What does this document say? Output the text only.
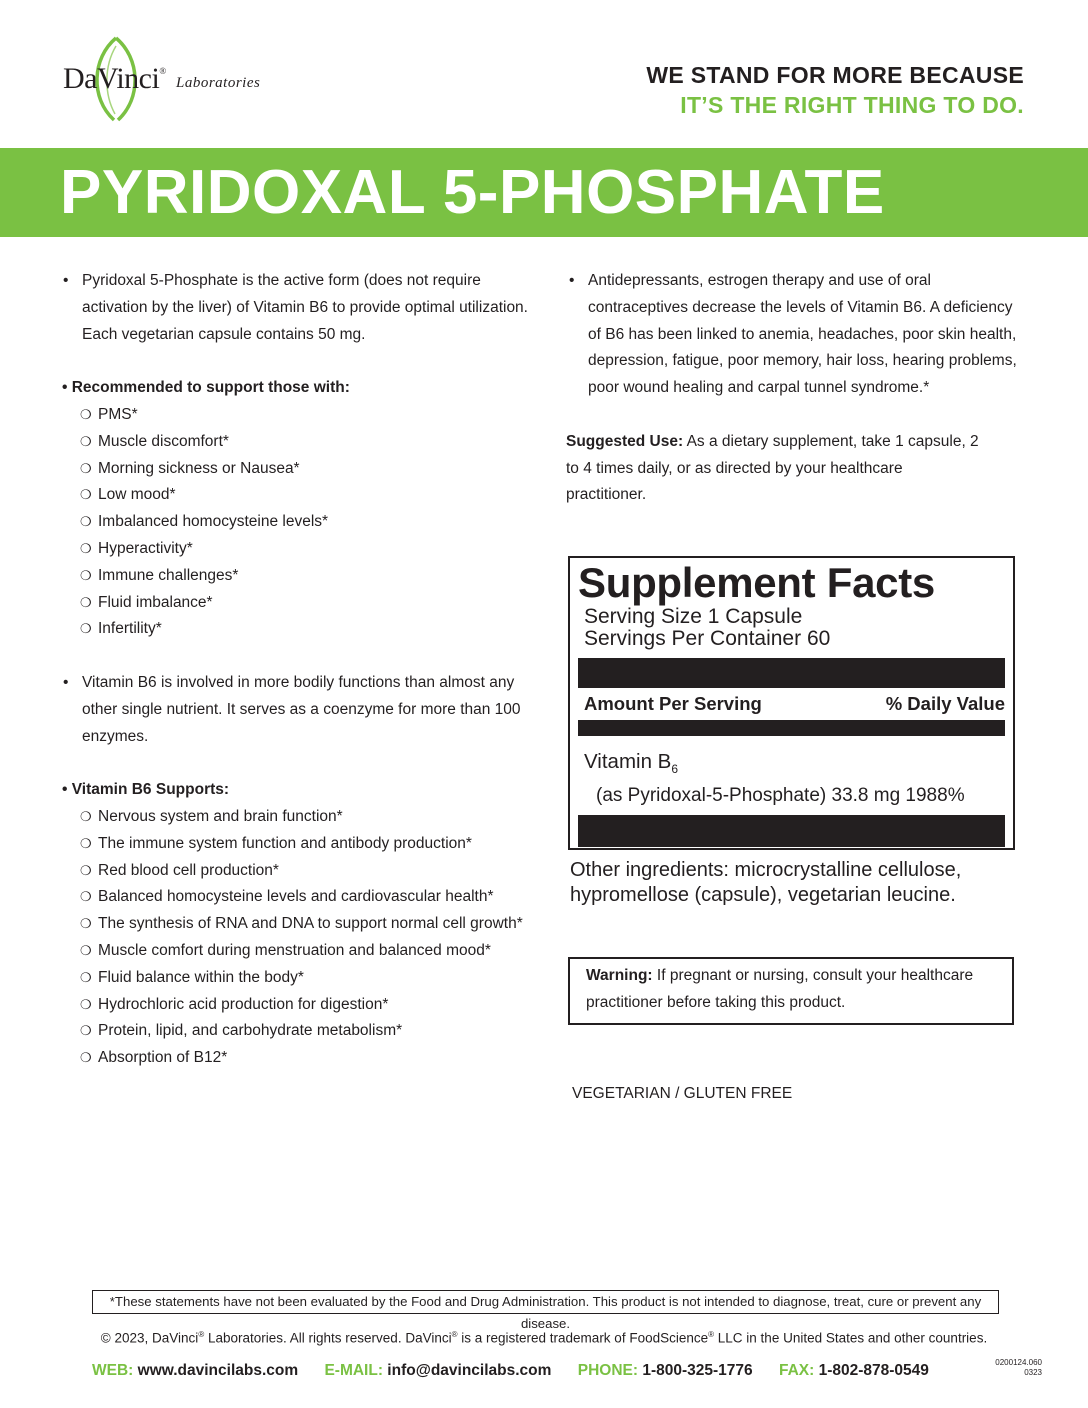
DaVinci®
Laboratories	WE STAND FOR MORE BECAUSE
IT’S THE RIGHT THING TO DO.
PYRIDOXAL 5-PHOSPHATE
• Pyridoxal 5-Phosphate is the active form (does not require activation by the liver) of Vitamin B6 to provide optimal utilization. Each vegetarian capsule contains 50 mg.
• Recommended to support those with:
❍ PMS*
❍ Muscle discomfort*
❍ Morning sickness or Nausea*
❍ Low mood*
❍ Imbalanced homocysteine levels*
❍ Hyperactivity*
❍ Immune challenges*
❍ Fluid imbalance*
❍ Infertility*
• Vitamin B6 is involved in more bodily functions than almost any other single nutrient. It serves as a coenzyme for more than 100 enzymes.
• Vitamin B6 Supports:
❍ Nervous system and brain function*
❍ The immune system function and antibody production*
❍ Red blood cell production*
❍ Balanced homocysteine levels and cardiovascular health*
❍ The synthesis of RNA and DNA to support normal cell growth*
❍ Muscle comfort during menstruation and balanced mood*
❍ Fluid balance within the body*
❍ Hydrochloric acid production for digestion*
❍ Protein, lipid, and carbohydrate metabolism*
❍ Absorption of B12*
• Antidepressants, estrogen therapy and use of oral contraceptives decrease the levels of Vitamin B6. A deficiency of B6 has been linked to anemia, headaches, poor skin health, depression, fatigue, poor memory, hair loss, hearing problems, poor wound healing and carpal tunnel syndrome.*
Suggested Use: As a dietary supplement, take 1 capsule, 2 to 4 times daily, or as directed by your healthcare practitioner.
Supplement Facts
Serving Size 1 Capsule
Servings Per Container 60
Amount Per Serving	% Daily Value
Vitamin $B_6$
(as Pyridoxal-5-Phosphate) 33.8 mg 1988%
Other ingredients: microcrystalline cellulose, hypromellose (capsule), vegetarian leucine.
Warning: If pregnant or nursing, consult your healthcare practitioner before taking this product.
VEGETARIAN / GLUTEN FREE
*These statements have not been evaluated by the Food and Drug Administration. This product is not intended to diagnose, treat, cure or prevent any disease.
© 2023, DaVinci® Laboratories. All rights reserved. DaVinci® is a registered trademark of FoodScience® LLC in the United States and other countries.
WEB: www.davincilabs.com E-MAIL: info@davincilabs.com PHONE: 1-800-325-1776 FAX: 1-802-878-0549	0200124.060
0323
